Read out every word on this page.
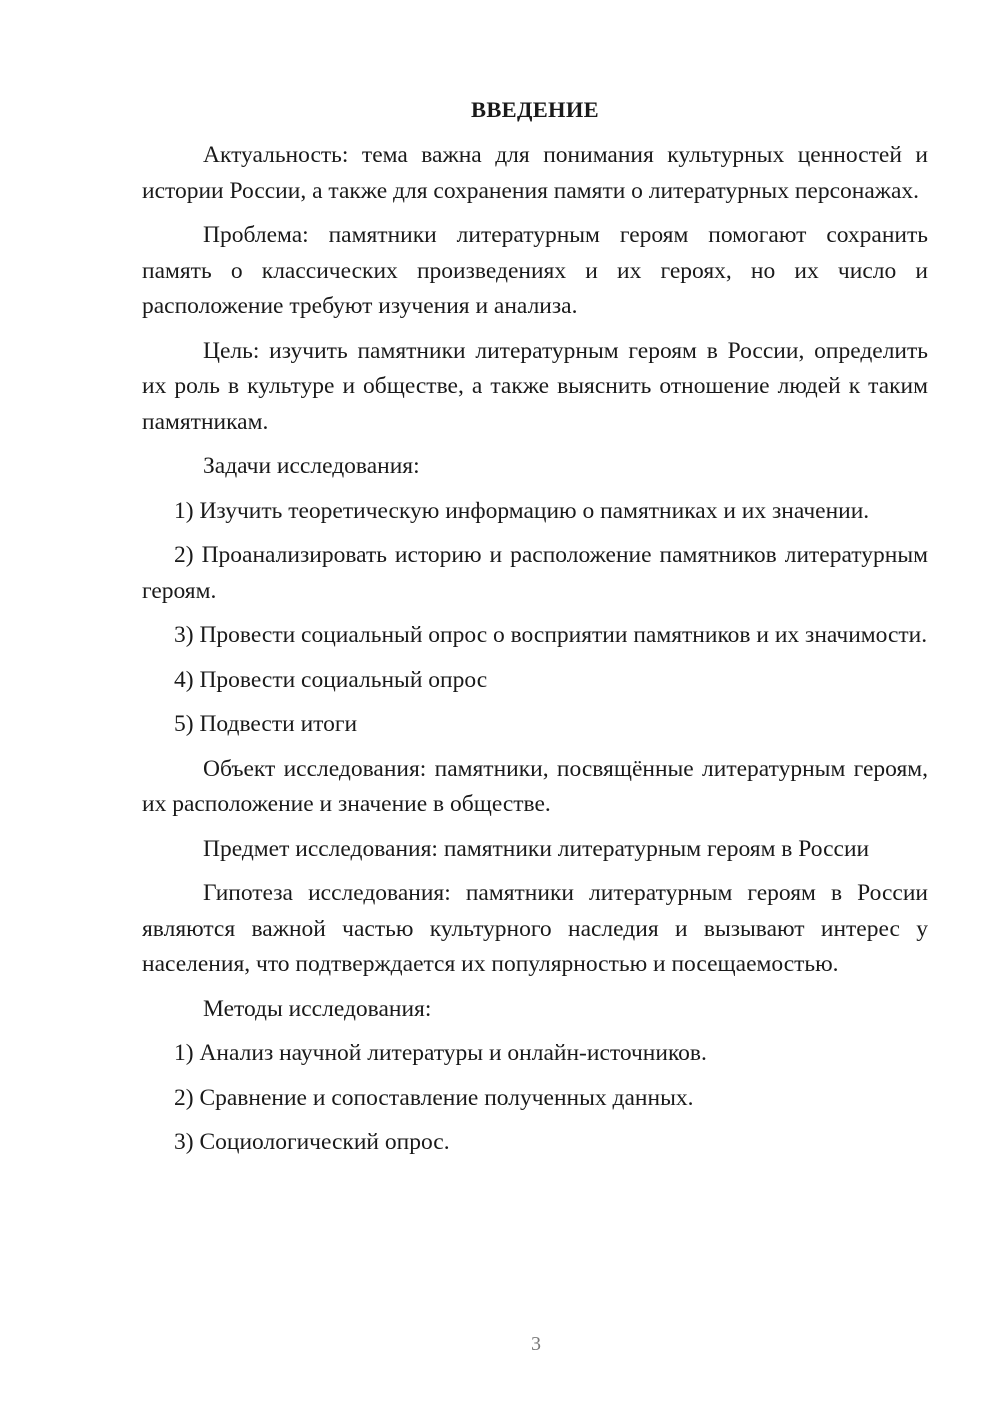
ВВЕДЕНИЕ

Актуальность: тема важна для понимания культурных ценностей и истории России, а также для сохранения памяти о литературных персонажах.

Проблема: памятники литературным героям помогают сохранить память о классических произведениях и их героях, но их число и расположение требуют изучения и анализа.

Цель: изучить памятники литературным героям в России, определить их роль в культуре и обществе, а также выяснить отношение людей к таким памятникам.

Задачи исследования:

1) Изучить теоретическую информацию о памятниках и их значении.

2) Проанализировать историю и расположение памятников литературным героям.

3) Провести социальный опрос о восприятии памятников и их значимости.

4) Провести социальный опрос

5) Подвести итоги

Объект исследования: памятники, посвящённые литературным героям, их расположение и значение в обществе.

Предмет исследования: памятники литературным героям в России

Гипотеза исследования: памятники литературным героям в России являются важной частью культурного наследия и вызывают интерес у населения, что подтверждается их популярностью и посещаемостью.

Методы исследования:

1) Анализ научной литературы и онлайн-источников.

2) Сравнение и сопоставление полученных данных.

3) Социологический опрос.

3
